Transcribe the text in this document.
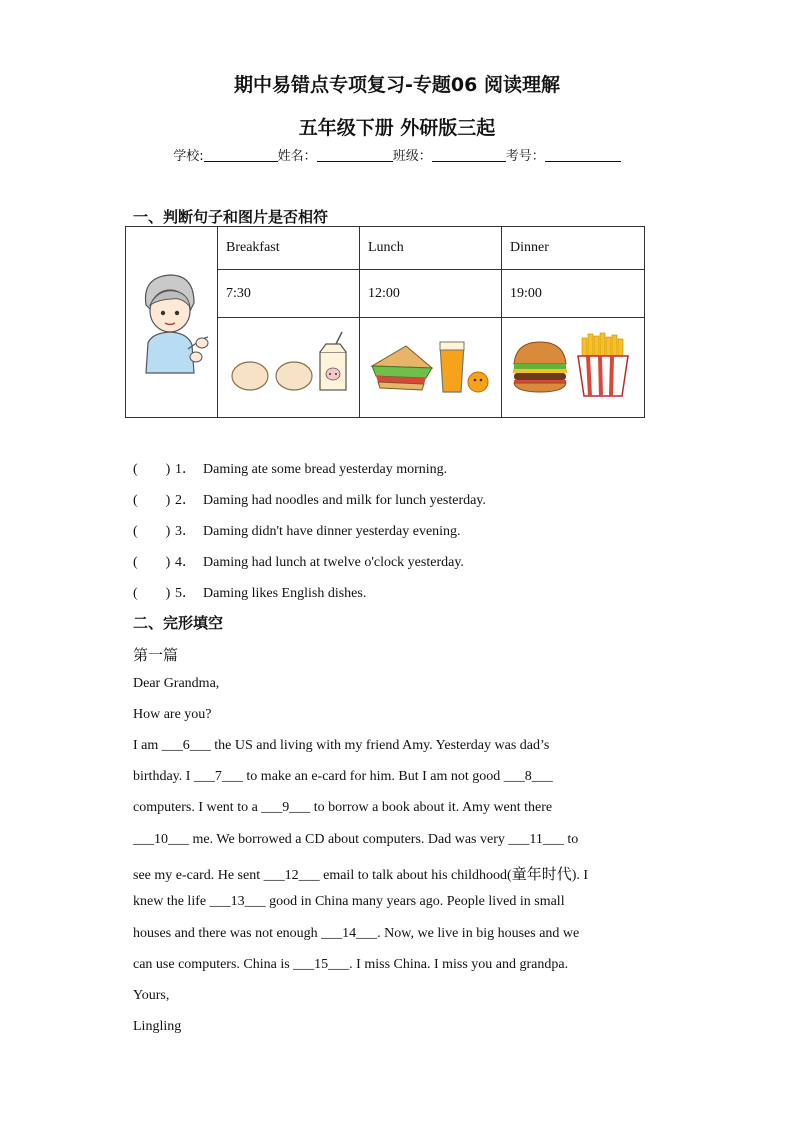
期中易错点专项复习-专题06 阅读理解
五年级下册 外研版三起
学校:	姓名：	班级：	考号：
一、判断句子和图片是否相符
	Breakfast	Lunch	Dinner
	7:30	12:00	19:00

(　　) 1． Daming ate some bread yesterday morning.
(　　) 2． Daming had noodles and milk for lunch yesterday.
(　　) 3． Daming didn't have dinner yesterday evening.
(　　) 4． Daming had lunch at twelve o'clock yesterday.
(　　) 5． Daming likes English dishes.
二、完形填空
第一篇
Dear Grandma,
How are you?
I am ___6___ the US and living with my friend Amy. Yesterday was dad’s
birthday. I ___7___ to make an e-card for him. But I am not good ___8___
computers. I went to a ___9___ to borrow a book about it. Amy went there
___10___ me. We borrowed a CD about computers. Dad was very ___11___ to
see my e-card. He sent ___12___ email to talk about his childhood(童年时代). I
knew the life ___13___ good in China many years ago. People lived in small
houses and there was not enough ___14___. Now, we live in big houses and we
can use computers. China is ___15___. I miss China. I miss you and grandpa.
Yours,
Lingling
